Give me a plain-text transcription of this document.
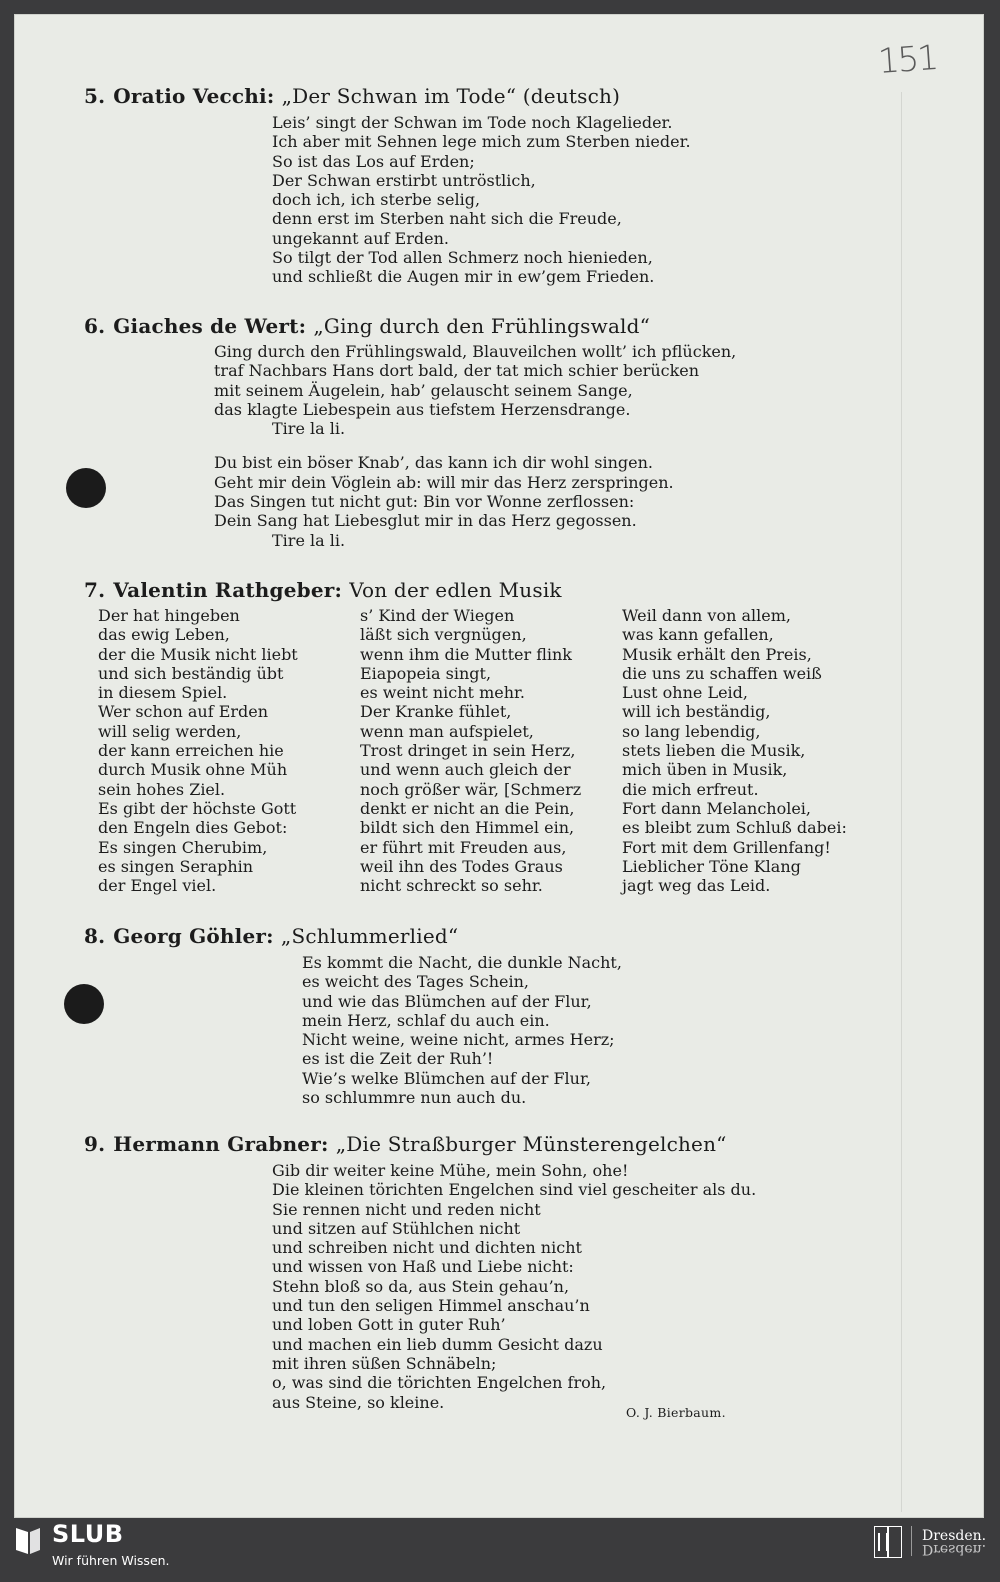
151
5. Oratio Vecchi: „Der Schwan im Tode“ (deutsch)
Leis’ singt der Schwan im Tode noch Klagelieder.
Ich aber mit Sehnen lege mich zum Sterben nieder.
So ist das Los auf Erden;
Der Schwan erstirbt untröstlich,
doch ich, ich sterbe selig,
denn erst im Sterben naht sich die Freude,
ungekannt auf Erden.
So tilgt der Tod allen Schmerz noch hienieden,
und schließt die Augen mir in ew’gem Frieden.
6. Giaches de Wert: „Ging durch den Frühlingswald“
Ging durch den Frühlingswald, Blauveilchen wollt’ ich pflücken,
traf Nachbars Hans dort bald, der tat mich schier berücken
mit seinem Äugelein, hab’ gelauscht seinem Sange,
das klagte Liebespein aus tiefstem Herzensdrange.
Tire la li.
Du bist ein böser Knab’, das kann ich dir wohl singen.
Geht mir dein Vöglein ab: will mir das Herz zerspringen.
Das Singen tut nicht gut: Bin vor Wonne zerflossen:
Dein Sang hat Liebesglut mir in das Herz gegossen.
Tire la li.
7. Valentin Rathgeber: Von der edlen Musik
Der hat hingeben
das ewig Leben,
der die Musik nicht liebt
und sich beständig übt
in diesem Spiel.
Wer schon auf Erden
will selig werden,
der kann erreichen hie
durch Musik ohne Müh
sein hohes Ziel.
Es gibt der höchste Gott
den Engeln dies Gebot:
Es singen Cherubim,
es singen Seraphin
der Engel viel.
s’ Kind der Wiegen
läßt sich vergnügen,
wenn ihm die Mutter flink
Eiapopeia singt,
es weint nicht mehr.
Der Kranke fühlet,
wenn man aufspielet,
Trost dringet in sein Herz,
und wenn auch gleich der
noch größer wär, [Schmerz
denkt er nicht an die Pein,
bildt sich den Himmel ein,
er führt mit Freuden aus,
weil ihn des Todes Graus
nicht schreckt so sehr.
Weil dann von allem,
was kann gefallen,
Musik erhält den Preis,
die uns zu schaffen weiß
Lust ohne Leid,
will ich beständig,
so lang lebendig,
stets lieben die Musik,
mich üben in Musik,
die mich erfreut.
Fort dann Melancholei,
es bleibt zum Schluß dabei:
Fort mit dem Grillenfang!
Lieblicher Töne Klang
jagt weg das Leid.
8. Georg Göhler: „Schlummerlied“
Es kommt die Nacht, die dunkle Nacht,
es weicht des Tages Schein,
und wie das Blümchen auf der Flur,
mein Herz, schlaf du auch ein.
Nicht weine, weine nicht, armes Herz;
es ist die Zeit der Ruh’!
Wie’s welke Blümchen auf der Flur,
so schlummre nun auch du.
9. Hermann Grabner: „Die Straßburger Münsterengelchen“
Gib dir weiter keine Mühe, mein Sohn, ohe!
Die kleinen törichten Engelchen sind viel gescheiter als du.
Sie rennen nicht und reden nicht
und sitzen auf Stühlchen nicht
und schreiben nicht und dichten nicht
und wissen von Haß und Liebe nicht:
Stehn bloß so da, aus Stein gehau’n,
und tun den seligen Himmel anschau’n
und loben Gott in guter Ruh’
und machen ein lieb dumm Gesicht dazu
mit ihren süßen Schnäbeln;
o, was sind die törichten Engelchen froh,
aus Steine, so kleine.
O. J. Bierbaum.
SLUB
Wir führen Wissen.
Dresden.
Dresden.
